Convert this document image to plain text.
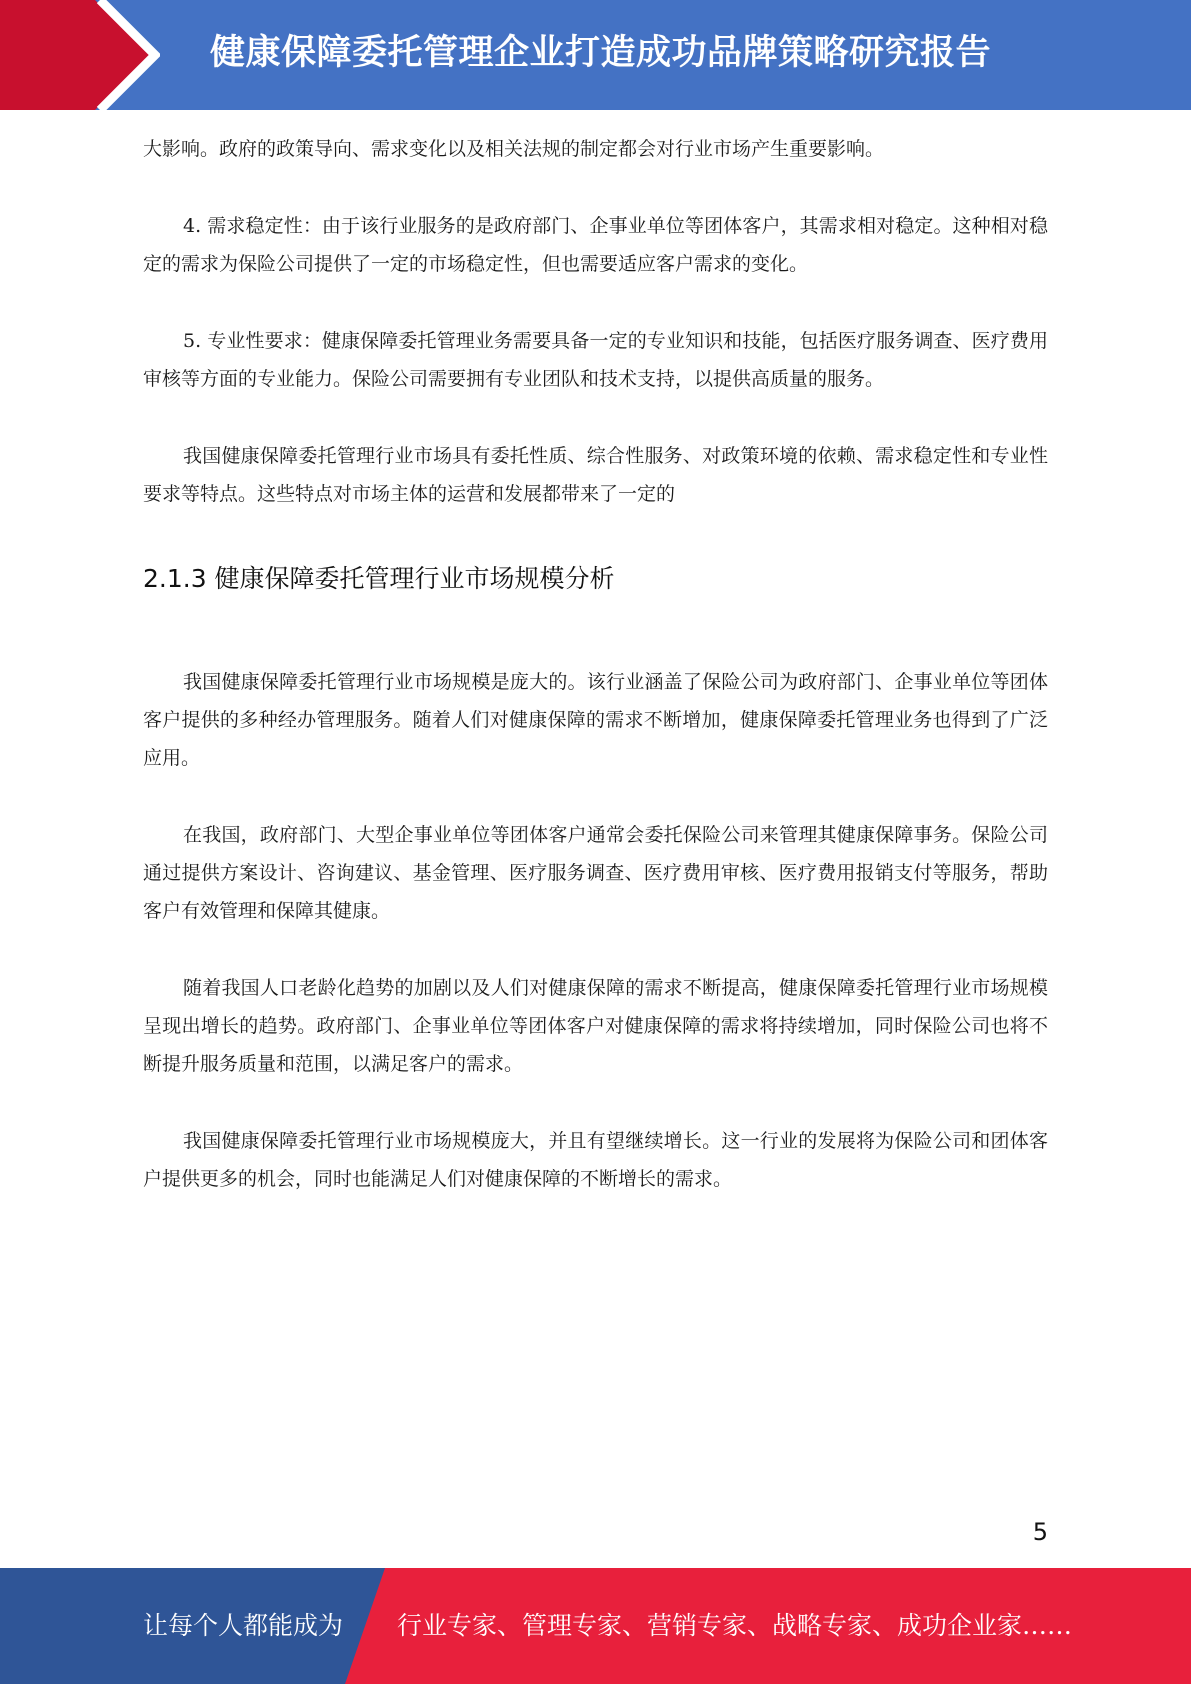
健康保障委托管理企业打造成功品牌策略研究报告

大影响。政府的政策导向、需求变化以及相关法规的制定都会对行业市场产生重要影响。

4. 需求稳定性：由于该行业服务的是政府部门、企事业单位等团体客户，其需求相对稳定。这种相对稳定的需求为保险公司提供了一定的市场稳定性，但也需要适应客户需求的变化。

5. 专业性要求：健康保障委托管理业务需要具备一定的专业知识和技能，包括医疗服务调查、医疗费用审核等方面的专业能力。保险公司需要拥有专业团队和技术支持，以提供高质量的服务。

我国健康保障委托管理行业市场具有委托性质、综合性服务、对政策环境的依赖、需求稳定性和专业性要求等特点。这些特点对市场主体的运营和发展都带来了一定的

2.1.3 健康保障委托管理行业市场规模分析

我国健康保障委托管理行业市场规模是庞大的。该行业涵盖了保险公司为政府部门、企事业单位等团体客户提供的多种经办管理服务。随着人们对健康保障的需求不断增加，健康保障委托管理业务也得到了广泛应用。

在我国，政府部门、大型企事业单位等团体客户通常会委托保险公司来管理其健康保障事务。保险公司通过提供方案设计、咨询建议、基金管理、医疗服务调查、医疗费用审核、医疗费用报销支付等服务，帮助客户有效管理和保障其健康。

随着我国人口老龄化趋势的加剧以及人们对健康保障的需求不断提高，健康保障委托管理行业市场规模呈现出增长的趋势。政府部门、企事业单位等团体客户对健康保障的需求将持续增加，同时保险公司也将不断提升服务质量和范围，以满足客户的需求。

我国健康保障委托管理行业市场规模庞大，并且有望继续增长。这一行业的发展将为保险公司和团体客户提供更多的机会，同时也能满足人们对健康保障的不断增长的需求。

5
让每个人都能成为 行业专家、管理专家、营销专家、战略专家、成功企业家……
